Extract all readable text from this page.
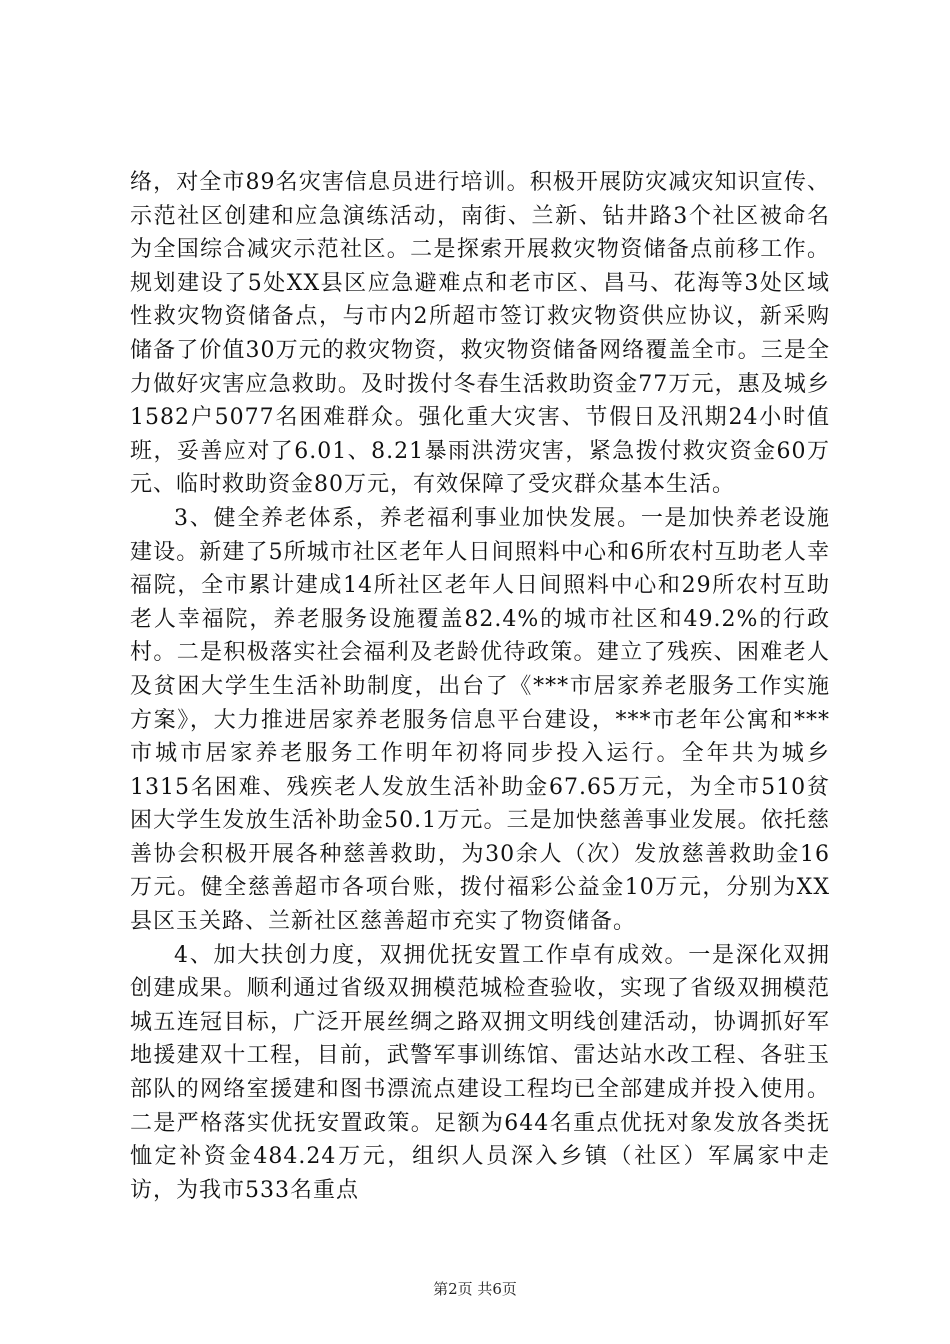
络，对全市89名灾害信息员进行培训。积极开展防灾减灾知识宣传、示范社区创建和应急演练活动，南街、兰新、钻井路3个社区被命名为全国综合减灾示范社区。二是探索开展救灾物资储备点前移工作。规划建设了5处XX县区应急避难点和老市区、昌马、花海等3处区域性救灾物资储备点，与市内2所超市签订救灾物资供应协议，新采购储备了价值30万元的救灾物资，救灾物资储备网络覆盖全市。三是全力做好灾害应急救助。及时拨付冬春生活救助资金77万元，惠及城乡1582户5077名困难群众。强化重大灾害、节假日及汛期24小时值班，妥善应对了6.01、8.21暴雨洪涝灾害，紧急拨付救灾资金60万元、临时救助资金80万元，有效保障了受灾群众基本生活。

3、健全养老体系，养老福利事业加快发展。一是加快养老设施建设。新建了5所城市社区老年人日间照料中心和6所农村互助老人幸福院，全市累计建成14所社区老年人日间照料中心和29所农村互助老人幸福院，养老服务设施覆盖82.4%的城市社区和49.2%的行政村。二是积极落实社会福利及老龄优待政策。建立了残疾、困难老人及贫困大学生生活补助制度，出台了《***市居家养老服务工作实施方案》，大力推进居家养老服务信息平台建设，***市老年公寓和***市城市居家养老服务工作明年初将同步投入运行。全年共为城乡1315名困难、残疾老人发放生活补助金67.65万元，为全市510贫困大学生发放生活补助金50.1万元。三是加快慈善事业发展。依托慈善协会积极开展各种慈善救助，为30余人（次）发放慈善救助金16万元。健全慈善超市各项台账，拨付福彩公益金10万元，分别为XX县区玉关路、兰新社区慈善超市充实了物资储备。

4、加大扶创力度，双拥优抚安置工作卓有成效。一是深化双拥创建成果。顺利通过省级双拥模范城检查验收，实现了省级双拥模范城五连冠目标，广泛开展丝绸之路双拥文明线创建活动，协调抓好军地援建双十工程，目前，武警军事训练馆、雷达站水改工程、各驻玉部队的网络室援建和图书漂流点建设工程均已全部建成并投入使用。二是严格落实优抚安置政策。足额为644名重点优抚对象发放各类抚恤定补资金484.24万元，组织人员深入乡镇（社区）军属家中走访，为我市533名重点

第2页 共6页
